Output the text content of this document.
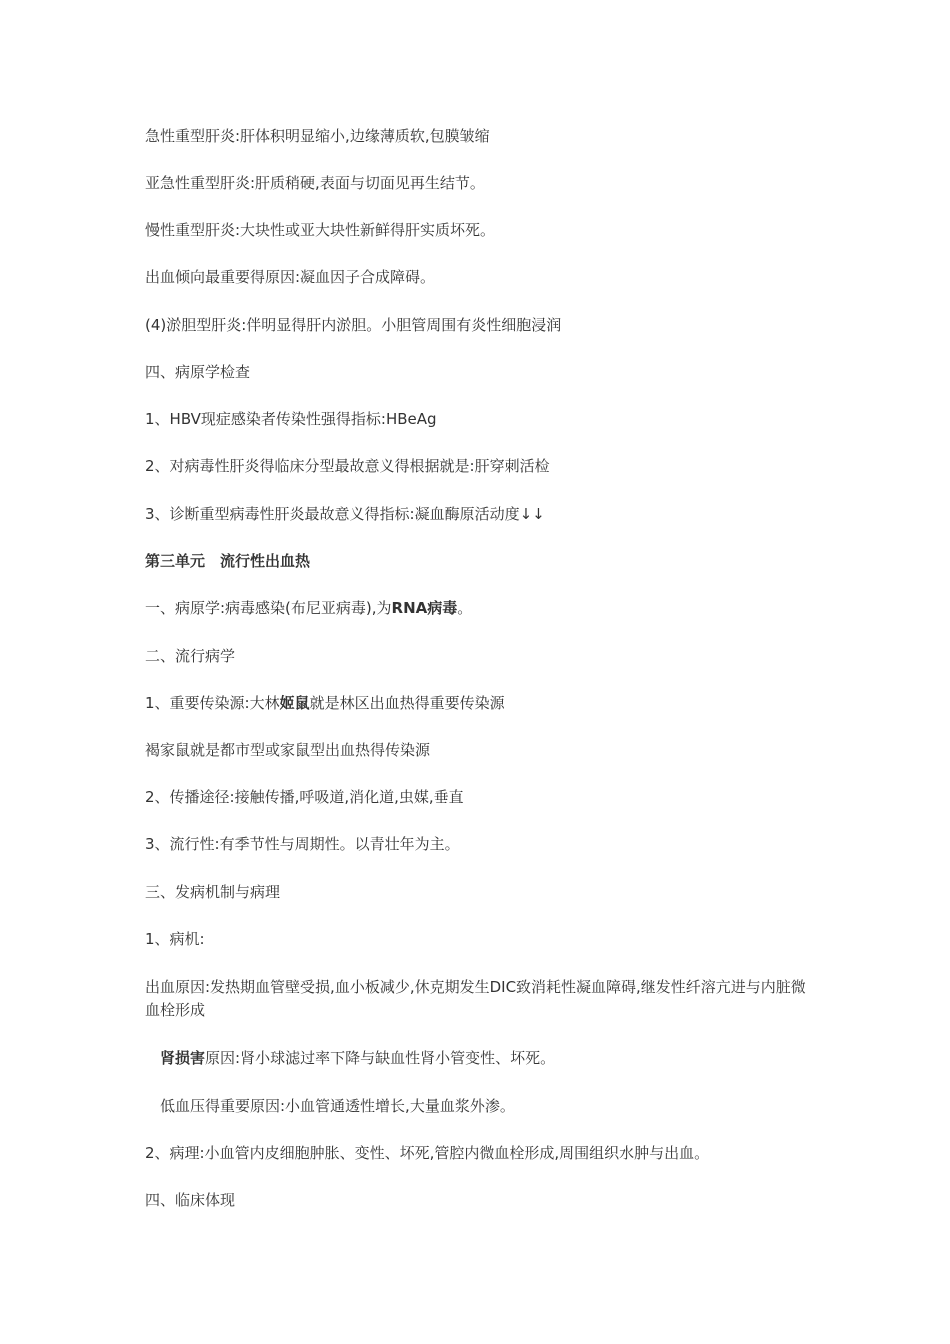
急性重型肝炎:肝体积明显缩小,边缘薄质软,包膜皱缩
亚急性重型肝炎:肝质稍硬,表面与切面见再生结节。
慢性重型肝炎:大块性或亚大块性新鲜得肝实质坏死。
出血倾向最重要得原因:凝血因子合成障碍。
(4)淤胆型肝炎:伴明显得肝内淤胆。小胆管周围有炎性细胞浸润
四、病原学检查
1、HBV现症感染者传染性强得指标:HBeAg
2、对病毒性肝炎得临床分型最故意义得根据就是:肝穿刺活检
3、诊断重型病毒性肝炎最故意义得指标:凝血酶原活动度↓↓
第三单元　流行性出血热
一、病原学:病毒感染(布尼亚病毒),为RNA病毒。
二、流行病学
1、重要传染源:大林姬鼠就是林区出血热得重要传染源
褐家鼠就是都市型或家鼠型出血热得传染源
2、传播途径:接触传播,呼吸道,消化道,虫媒,垂直
3、流行性:有季节性与周期性。以青壮年为主。
三、发病机制与病理
1、病机:
出血原因:发热期血管壁受损,血小板减少,休克期发生DIC致消耗性凝血障碍,继发性纤溶亢进与内脏微血栓形成
肾损害原因:肾小球滤过率下降与缺血性肾小管变性、坏死。
低血压得重要原因:小血管通透性增长,大量血浆外渗。
2、病理:小血管内皮细胞肿胀、变性、坏死,管腔内微血栓形成,周围组织水肿与出血。
四、临床体现
